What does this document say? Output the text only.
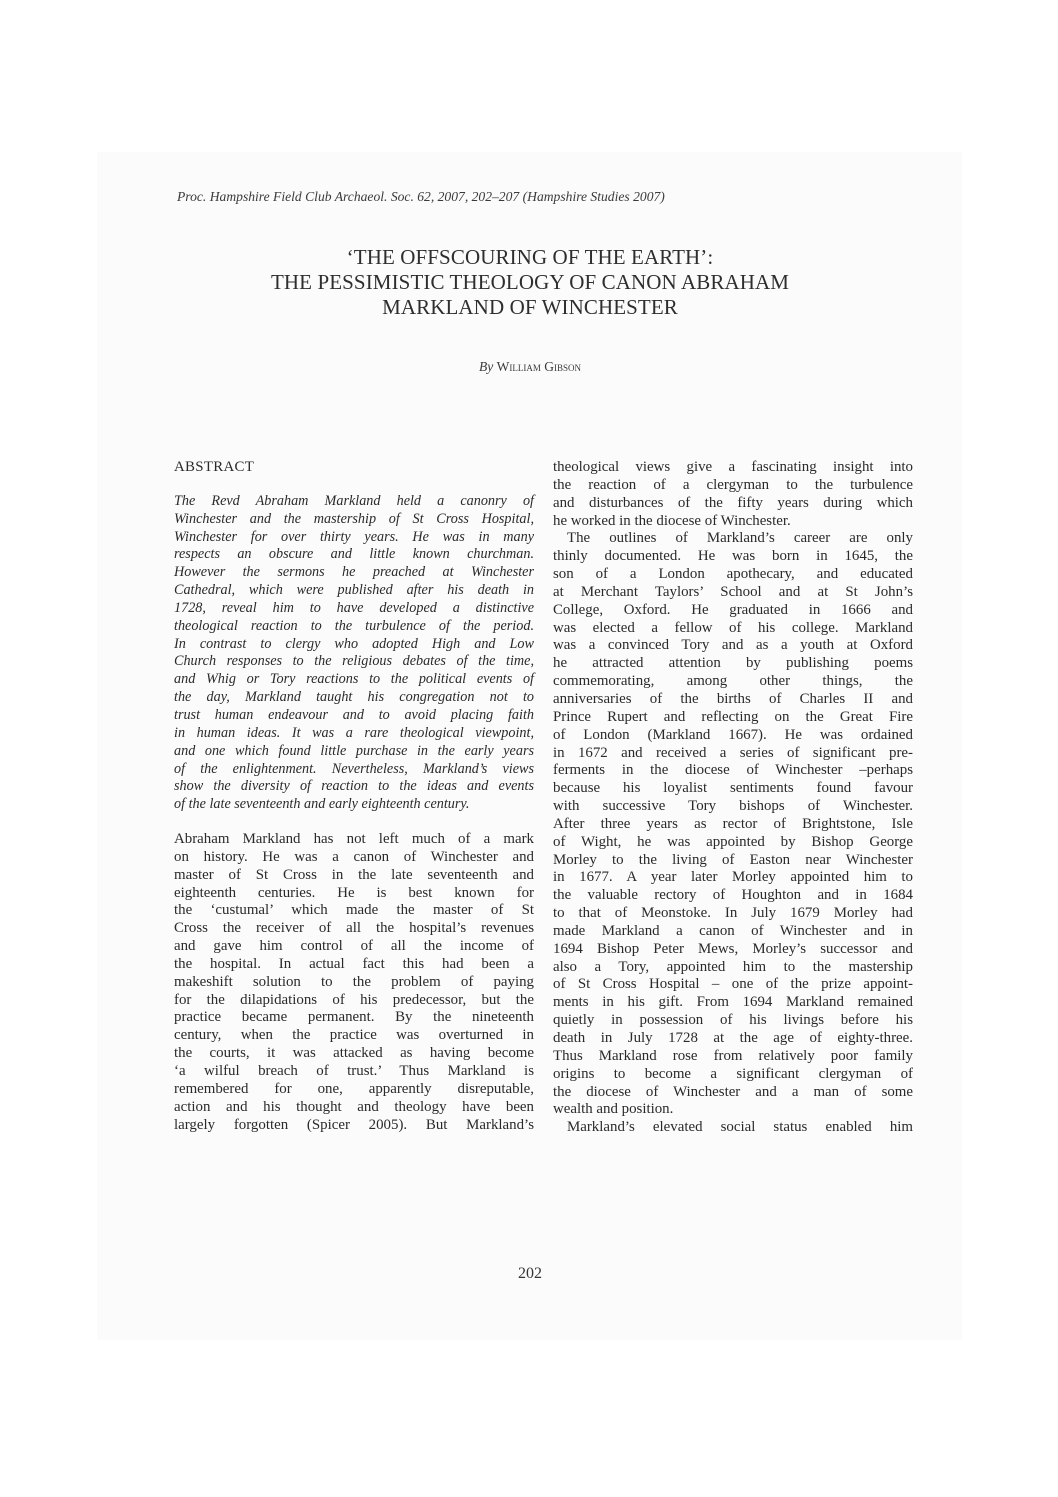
Proc. Hampshire Field Club Archaeol. Soc. 62, 2007, 202–207 (Hampshire Studies 2007)
‘THE OFFSCOURING OF THE EARTH’:
THE PESSIMISTIC THEOLOGY OF CANON ABRAHAM
MARKLAND OF WINCHESTER
By William Gibson
ABSTRACT
The Revd Abraham Markland held a canonry of
Winchester and the mastership of St Cross Hospital,
Winchester for over thirty years. He was in many
respects an obscure and little known churchman.
However the sermons he preached at Winchester
Cathedral, which were published after his death in
1728, reveal him to have developed a distinctive
theological reaction to the turbulence of the period.
In contrast to clergy who adopted High and Low
Church responses to the religious debates of the time,
and Whig or Tory reactions to the political events of
the day, Markland taught his congregation not to
trust human endeavour and to avoid placing faith
in human ideas. It was a rare theological viewpoint,
and one which found little purchase in the early years
of the enlightenment. Nevertheless, Markland’s views
show the diversity of reaction to the ideas and events
of the late seventeenth and early eighteenth century.
Abraham Markland has not left much of a mark
on history. He was a canon of Winchester and
master of St Cross in the late seventeenth and
eighteenth centuries. He is best known for
the ‘custumal’ which made the master of St
Cross the receiver of all the hospital’s revenues
and gave him control of all the income of
the hospital. In actual fact this had been a
makeshift solution to the problem of paying
for the dilapidations of his predecessor, but the
practice became permanent. By the nineteenth
century, when the practice was overturned in
the courts, it was attacked as having become
‘a wilful breach of trust.’ Thus Markland is
remembered for one, apparently disreputable,
action and his thought and theology have been
largely forgotten (Spicer 2005). But Markland’s
theological views give a fascinating insight into
the reaction of a clergyman to the turbulence
and disturbances of the fifty years during which
he worked in the diocese of Winchester.
The outlines of Markland’s career are only
thinly documented. He was born in 1645, the
son of a London apothecary, and educated
at Merchant Taylors’ School and at St John’s
College, Oxford. He graduated in 1666 and
was elected a fellow of his college. Markland
was a convinced Tory and as a youth at Oxford
he attracted attention by publishing poems
commemorating, among other things, the
anniversaries of the births of Charles II and
Prince Rupert and reflecting on the Great Fire
of London (Markland 1667). He was ordained
in 1672 and received a series of significant pre-
ferments in the diocese of Winchester –perhaps
because his loyalist sentiments found favour
with successive Tory bishops of Winchester.
After three years as rector of Brightstone, Isle
of Wight, he was appointed by Bishop George
Morley to the living of Easton near Winchester
in 1677. A year later Morley appointed him to
the valuable rectory of Houghton and in 1684
to that of Meonstoke. In July 1679 Morley had
made Markland a canon of Winchester and in
1694 Bishop Peter Mews, Morley’s successor and
also a Tory, appointed him to the mastership
of St Cross Hospital – one of the prize appoint-
ments in his gift. From 1694 Markland remained
quietly in possession of his livings before his
death in July 1728 at the age of eighty-three.
Thus Markland rose from relatively poor family
origins to become a significant clergyman of
the diocese of Winchester and a man of some
wealth and position.
Markland’s elevated social status enabled him
202
